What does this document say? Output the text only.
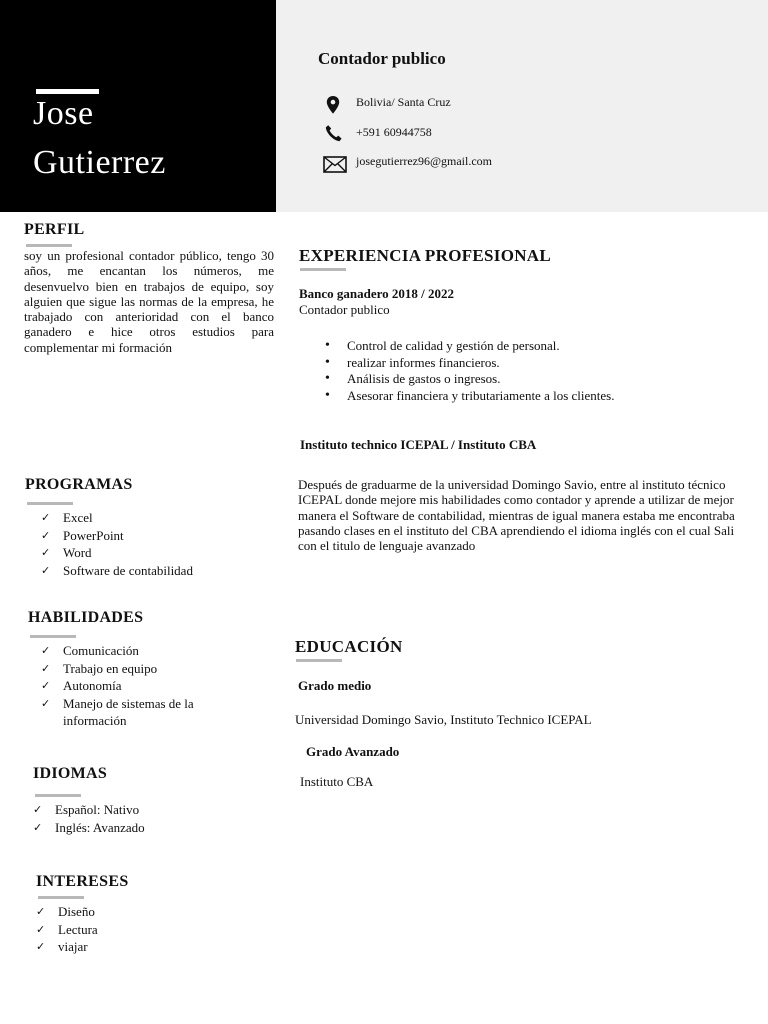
Jose
Gutierrez
Contador publico
Bolivia/ Santa Cruz
+591 60944758
josegutierrez96@gmail.com
PERFIL
soy un profesional contador público, tengo 30 años, me encantan los números, me desenvuelvo bien en trabajos de equipo, soy alguien que sigue las normas de la empresa, he trabajado con anterioridad con el banco ganadero e hice otros estudios para complementar mi formación
EXPERIENCIA PROFESIONAL
Banco ganadero 2018 / 2022
Contador publico
• Control de calidad y gestión de personal.
• realizar informes financieros.
• Análisis de gastos o ingresos.
• Asesorar financiera y tributariamente a los clientes.
Instituto technico ICEPAL / Instituto CBA
Después de graduarme de la universidad Domingo Savio, entre al instituto técnico ICEPAL donde mejore mis habilidades como contador y aprende a utilizar de mejor manera el Software de contabilidad, mientras de igual manera estaba me encontraba pasando clases en el instituto del CBA aprendiendo el idioma inglés con el cual Sali con el titulo de lenguaje avanzado
PROGRAMAS
✓ Excel
✓ PowerPoint
✓ Word
✓ Software de contabilidad
HABILIDADES
✓ Comunicación
✓ Trabajo en equipo
✓ Autonomía
✓ Manejo de sistemas de la información
EDUCACIÓN
Grado medio
Universidad Domingo Savio, Instituto Technico ICEPAL
Grado Avanzado
Instituto CBA
IDIOMAS
✓ Español: Nativo
✓ Inglés: Avanzado
INTERESES
✓ Diseño
✓ Lectura
✓ viajar
